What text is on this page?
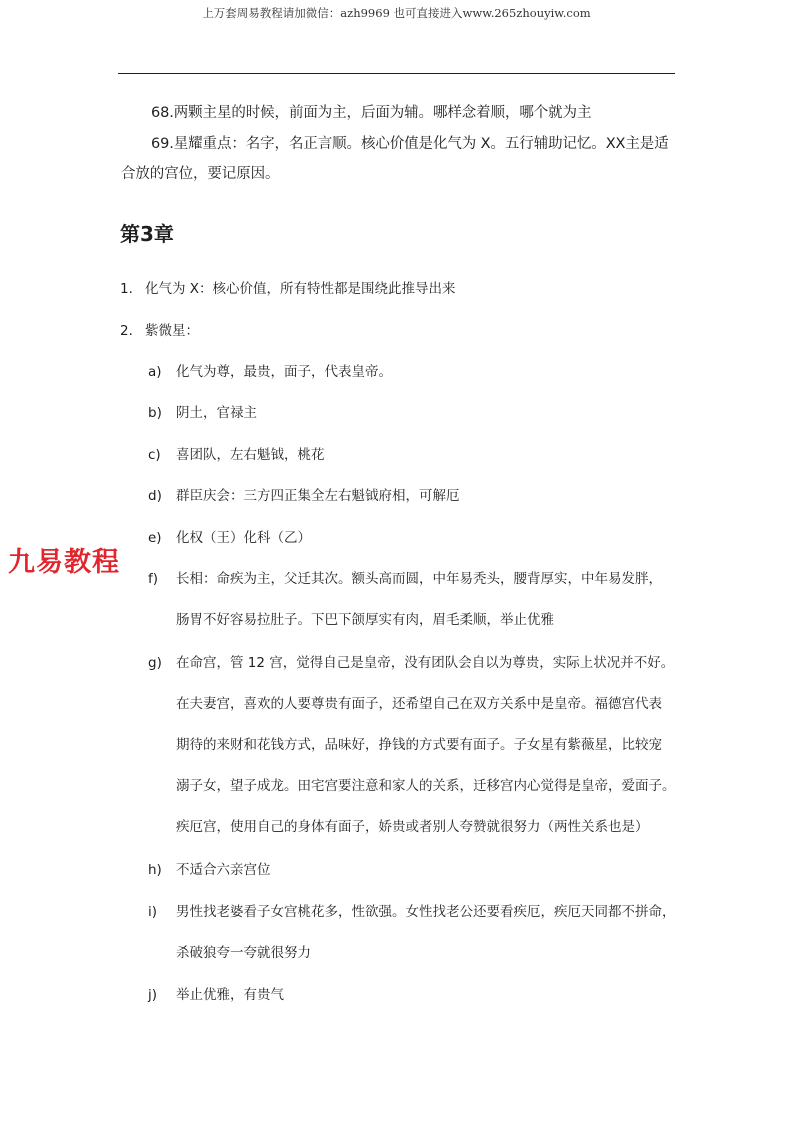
上万套周易教程请加微信：azh9969 也可直接进入www.265zhouyiw.com
68.两颗主星的时候，前面为主，后面为辅。哪样念着顺，哪个就为主
69.星耀重点：名字，名正言顺。核心价值是化气为 X。五行辅助记忆。XX主是适合放的宫位，要记原因。
第3章
1. 化气为 X：核心价值，所有特性都是围绕此推导出来
2. 紫微星：
a) 化气为尊，最贵，面子，代表皇帝。
b) 阴土，官禄主
c) 喜团队，左右魁钺，桃花
d) 群臣庆会：三方四正集全左右魁钺府相，可解厄
e) 化权（王）化科（乙）
f) 长相：命疾为主，父迁其次。额头高而圆，中年易秃头，腰背厚实，中年易发胖，
肠胃不好容易拉肚子。下巴下颌厚实有肉，眉毛柔顺，举止优雅
g) 在命宫，管 12 宫，觉得自己是皇帝，没有团队会自以为尊贵，实际上状况并不好。
在夫妻宫，喜欢的人要尊贵有面子，还希望自己在双方关系中是皇帝。福德宫代表
期待的来财和花钱方式，品味好，挣钱的方式要有面子。子女星有紫薇星，比较宠
溺子女，望子成龙。田宅宫要注意和家人的关系，迁移宫内心觉得是皇帝，爱面子。
疾厄宫，使用自己的身体有面子，娇贵或者别人夸赞就很努力（两性关系也是）
h) 不适合六亲宫位
i) 男性找老婆看子女宫桃花多，性欲强。女性找老公还要看疾厄，疾厄天同都不拼命，
杀破狼夸一夸就很努力
j) 举止优雅，有贵气
九易教程
